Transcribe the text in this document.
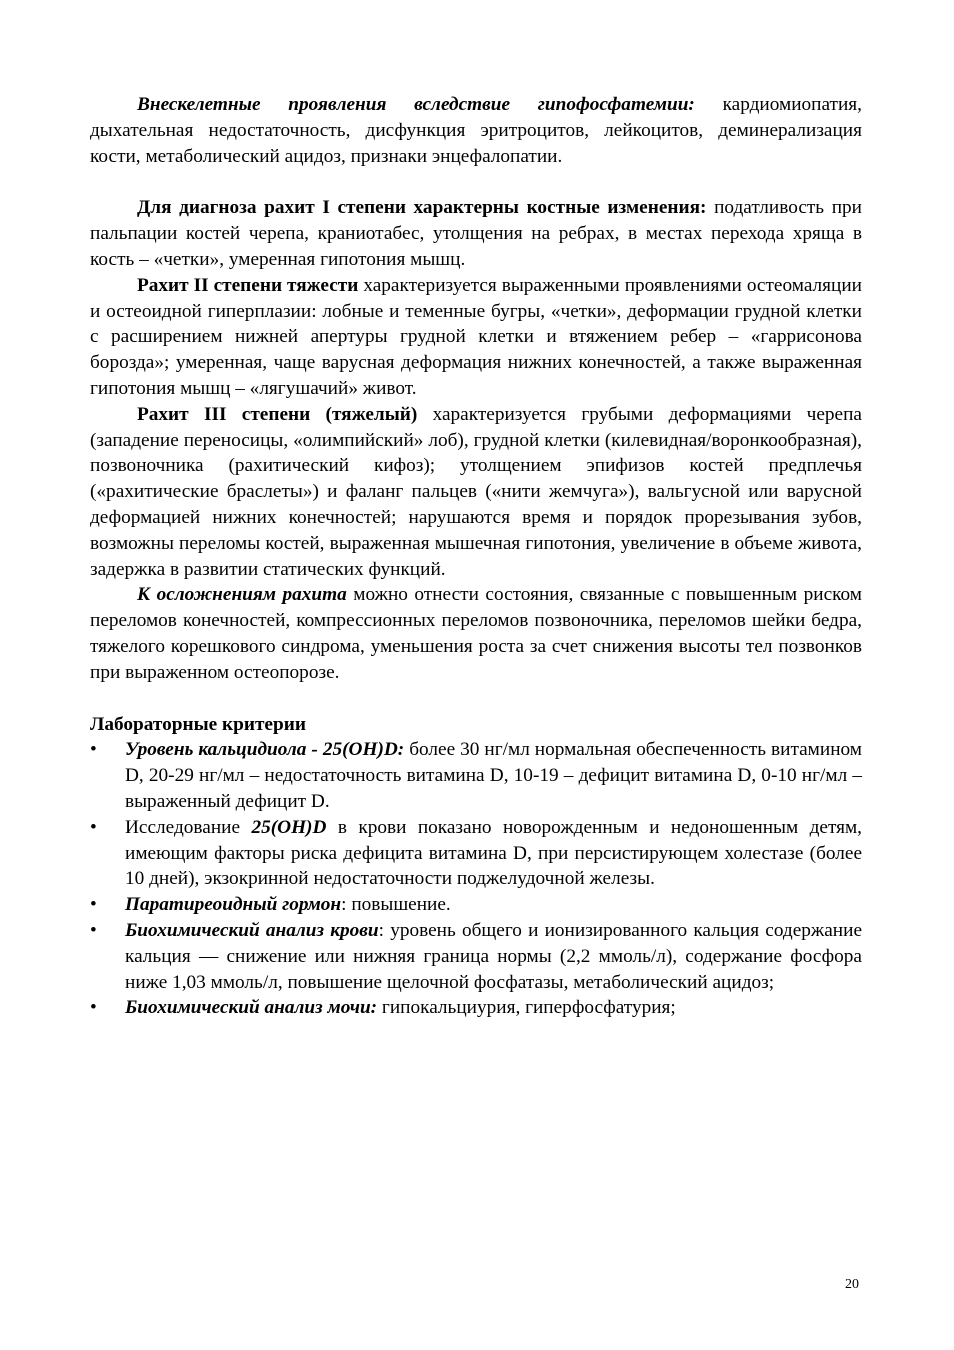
Внескелетные проявления вследствие гипофосфатемии: кардиомиопатия, дыхательная недостаточность, дисфункция эритроцитов, лейкоцитов, деминерализация кости, метаболический ацидоз, признаки энцефалопатии.

Для диагноза рахит I степени характерны костные изменения: податливость при пальпации костей черепа, краниотабес, утолщения на ребрах, в местах перехода хряща в кость – «четки», умеренная гипотония мышц.

Рахит II степени тяжести характеризуется выраженными проявлениями остеомаляции и остеоидной гиперплазии: лобные и теменные бугры, «четки», деформации грудной клетки с расширением нижней апертуры грудной клетки и втяжением ребер – «гаррисонова борозда»; умеренная, чаще варусная деформация нижних конечностей, а также выраженная гипотония мышц – «лягушачий» живот.

Рахит III степени (тяжелый) характеризуется грубыми деформациями черепа (западение переносицы, «олимпийский» лоб), грудной клетки (килевидная/воронкообразная), позвоночника (рахитический кифоз); утолщением эпифизов костей предплечья («рахитические браслеты») и фаланг пальцев («нити жемчуга»), вальгусной или варусной деформацией нижних конечностей; нарушаются время и порядок прорезывания зубов, возможны переломы костей, выраженная мышечная гипотония, увеличение в объеме живота, задержка в развитии статических функций.

К осложнениям рахита можно отнести состояния, связанные с повышенным риском переломов конечностей, компрессионных переломов позвоночника, переломов шейки бедра, тяжелого корешкового синдрома, уменьшения роста за счет снижения высоты тел позвонков при выраженном остеопорозе.

Лабораторные критерии

• Уровень кальцидиола - 25(OH)D: более 30 нг/мл нормальная обеспеченность витамином D, 20-29 нг/мл – недостаточность витамина D, 10-19 – дефицит витамина D, 0-10 нг/мл – выраженный дефицит D.
• Исследование 25(OH)D в крови показано новорожденным и недоношенным детям, имеющим факторы риска дефицита витамина D, при персистирующем холестазе (более 10 дней), экзокринной недостаточности поджелудочной железы.
• Паратиреоидный гормон: повышение.
• Биохимический анализ крови: уровень общего и ионизированного кальция содержание кальция — снижение или нижняя граница нормы (2,2 ммоль/л), содержание фосфора ниже 1,03 ммоль/л, повышение щелочной фосфатазы, метаболический ацидоз;
• Биохимический анализ мочи: гипокальциурия, гиперфосфатурия;
20
